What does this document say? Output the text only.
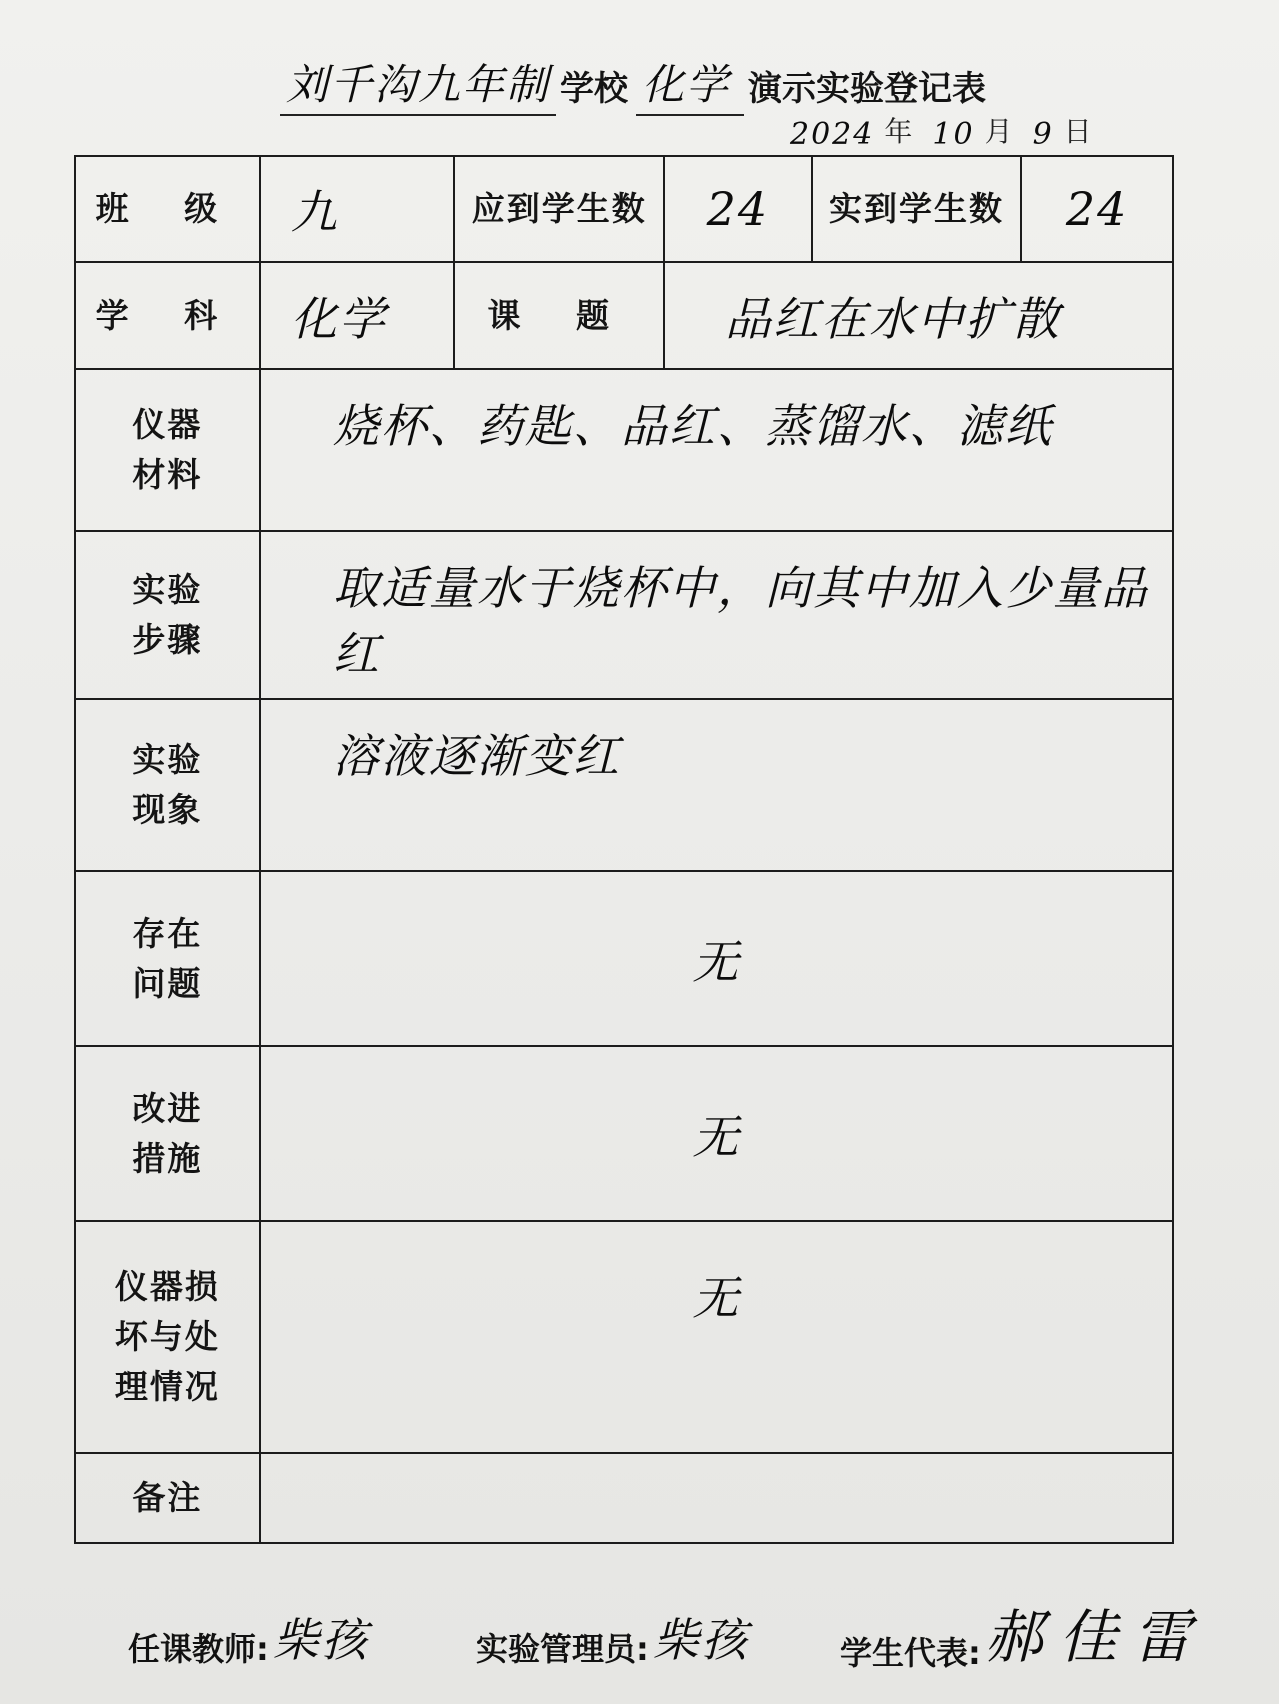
刘千沟九年制 学校 化学 演示实验登记表
2024 年 10 月 9 日
班 级	九	应到学生数	24	实到学生数	24
学 科	化学	课 题	品红在水中扩散		

仪器材料	烧杯、药匙、品红、蒸馏水、滤纸				

实验步骤	取适量水于烧杯中，向其中加入少量品红				

实验现象	溶液逐渐变红				

存在问题	无				

改进措施	无				

仪器损坏与处理情况	无				
备注					
任课教师: 柴孩	实验管理员: 柴孩	学生代表: 郝佳雷
